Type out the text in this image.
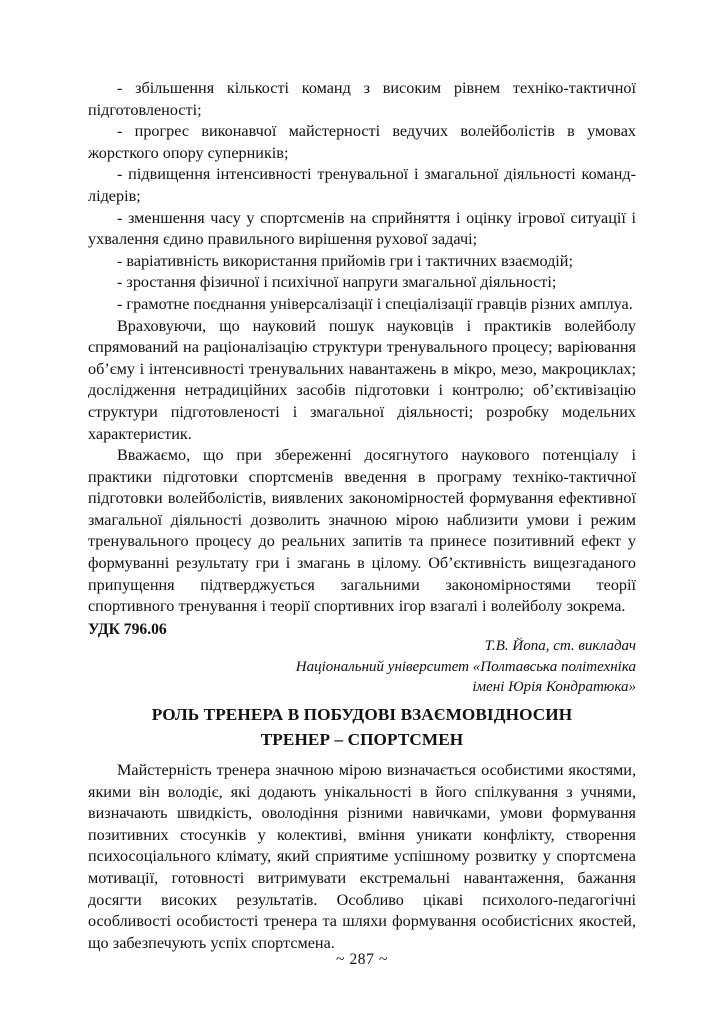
- збільшення кількості команд з високим рівнем техніко-тактичної підготовленості;

- прогрес виконавчої майстерності ведучих волейболістів в умовах жорсткого опору суперників;

- підвищення інтенсивності тренувальної і змагальної діяльності команд-лідерів;

- зменшення часу у спортсменів на сприйняття і оцінку ігрової ситуації і ухвалення єдино правильного вирішення рухової задачі;

- варіативність використання прийомів гри і тактичних взаємодій;

- зростання фізичної і психічної напруги змагальної діяльності;

- грамотне поєднання універсалізації і спеціалізації гравців різних амплуа.

Враховуючи, що науковий пошук науковців і практиків волейболу спрямований на раціоналізацію структури тренувального процесу; варіювання об’єму і інтенсивності тренувальних навантажень в мікро, мезо, макроциклах; дослідження нетрадиційних засобів підготовки і контролю; об’єктивізацію структури підготовленості і змагальної діяльності; розробку модельних характеристик.

Вважаємо, що при збереженні досягнутого наукового потенціалу і практики підготовки спортсменів введення в програму техніко-тактичної підготовки волейболістів, виявлених закономірностей формування ефективної змагальної діяльності дозволить значною мірою наблизити умови і режим тренувального процесу до реальних запитів та принесе позитивний ефект у формуванні результату гри і змагань в цілому. Об’єктивність вищезгаданого припущення підтверджується загальними закономірностями теорії спортивного тренування і теорії спортивних ігор взагалі і волейболу зокрема.

УДК 796.06

Т.В. Йопа, ст. викладач

Національний університет «Полтавська політехніка

імені Юрія Кондратюка»

РОЛЬ ТРЕНЕРА В ПОБУДОВІ ВЗАЄМОВІДНОСИН

ТРЕНЕР – СПОРТСМЕН

Майстерність тренера значною мірою визначається особистими якостями, якими він володіє, які додають унікальності в його спілкування з учнями, визначають швидкість, оволодіння різними навичками, умови формування позитивних стосунків у колективі, вміння уникати конфлікту, створення психосоціального клімату, який сприятиме успішному розвитку у спортсмена мотивації, готовності витримувати екстремальні навантаження, бажання досягти високих результатів. Особливо цікаві психолого-педагогічні особливості особистості тренера та шляхи формування особистісних якостей, що забезпечують успіх спортсмена.

~ 287 ~
